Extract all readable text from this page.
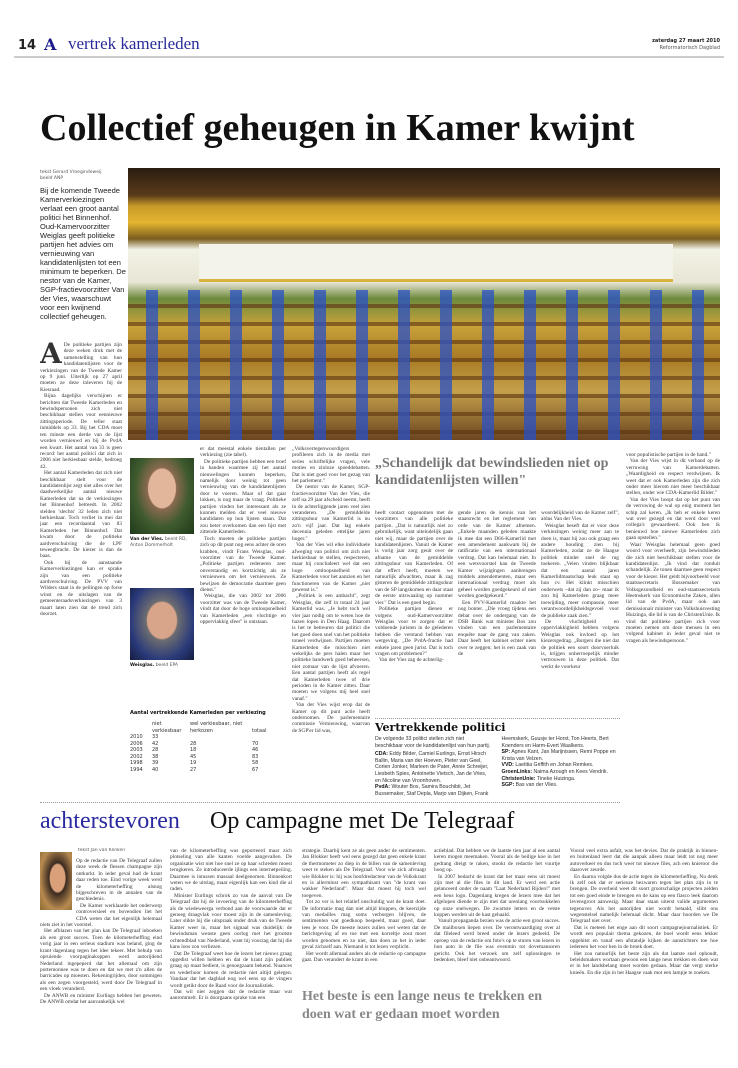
14 A vertrek kamerleden	zaterdag 27 maart 2010
Reformatorisch Dagblad
Collectief geheugen in Kamer kwijnt
tekst Gerard Vroegindeweij
beeld ANP
Bij de komende Tweede Kamerverkiezingen verlaat een groot aantal politici het Binnenhof. Oud-Kamervoorzitter Weiglas geeft politieke partijen het advies om vernieuwing van kandidatenlijsten tot een minimum te beperken. De nestor van de Kamer, SGP-fractievoorzitter Van der Vies, waarschuwt voor een kwijnend collectief geheugen.
A De politieke partijen zijn deze weken druk met de samenstelling van hun kandidatenlijsten voor de verkiezingen van de Tweede Kamer op 9 juni. Uiterlijk op 27 april moeten ze deze inleveren bij de Kiesraad.

Bijna dagelijks verschijnen er berichten dat Tweede Kamerleden en bewindspersonen zich niet beschikbaar stellen voor eennieuwe zittingsperiode. De teller staat inmiddels op 33. Bij het CDA moet ten minste een derde van de lijst worden vernieuwd en bij de PvdA een kwart. Het aantal van 33 is geen record: het aantal politici dat zich in 2006 niet herkiesbaar stelde, bedroeg 42.

Het aantal Kamerleden dat zich niet beschikbaar stelt voor de kandidatenlijst zegt niet alles over het daadwerkelijke aantal nieuwe Kamerleden dat na de verkiezingen het Binnenhof betreedt. In 2002 stelden 'slechts' 32 leden zich niet herkiesbaar. Toch verliet in mei dat jaar een recordaantal van 83 Kamerleden het Binnenhof. Dat kwam door de politieke aardverschuiving die de LPF teweegbracht. De kiezer is dan de baas.

Ook bij de aanstaande Kamerverkiezingen kan er sprake zijn van een politieke aardverschuiving. De PVV van Wilders staat in de peilingen op forse winst en de uitslagen van de gemeenteraadsverkiezingen van 3 maart laten zien dat de trend zich doorzet.

Van der Vies. beeld RD, Anton Dommerholt
Weisglas. beeld EPA

er dat meestal enkele tientallen per verkiezing (zie tabel).

De politieke partijen hebben een troef in handen waarmee zij het aantal nieuwelingen kunnen beperken, namelijk door weinig tot geen vernieuwing van de kandidatenlijsten door te voeren. Maar of dat gaat lukken, is nog maar de vraag. Politieke partijen vinden het interessant als ze kunnen melden dat er veel nieuwe kandidaten op hun lijsten staan. Dat zou beter overkomen dan een lijst met zittende Kamerleden.

Toch moeten de politieke partijen zich op dit punt nog eens achter de oren krabben, vindt Frans Weisglas, oud-voorzitter van de Tweede Kamer. „Politieke partijen redeneren zeer onverstandig en kortzichtig als ze vernieuwen om het vernieuwen. Ze bewijzen de democratie daarmee geen dienst."

Weisglas, die van 2002 tot 2006 voorzitter was van de Tweede Kamer, vindt dat door de hoge omloopsnelheid van Kamerleden „een vluchtige en oppervlakkig sfeer" is ontstaan.

„Volksvertegenwoordigers profileren zich in de media met series schriftelijke vragen, vele moties en zinloze spoeddebatten. Dat is niet goed voor het gezag van het parlement."

De nestor van de Kamer, SGP-fractievoorzitter Van der Vies, die zelf na 29 jaar afscheid neemt, heeft in de achterliggende jaren veel zien veranderen. „De gemiddelde zittingsduur van Kamerlid is nu zo'n vijf jaar. Dat lag enkele decennia geleden ettelijke jaren hoger."

Van der Vies wil elke individuele afweging van politici om zich niet herkiesbaar te stellen, respecteren, maar hij concludeert wel dat een hoge omloopsnelheid van Kamerleden voor het aanzien en het functioneren van de Kamer „niet gewenst is."

„Politiek is een ambacht", zegt Weisglas, die zelf in totaal 24 jaar Kamerlid was. „Je hebt toch wel vier jaar nodig om te weten hoe de hazen lopen in Den Haag. Daarom is het te betreuren dat politici die het goed doen snel van het politieke toneel verdwijnen. Partijen moeten Kamerleden die misschien niet wekelijks de pers halen maar het politieke handwerk goed beheersen, niet zomaar van de lijst afvoeren. Een aantal partijen heeft als regel dat Kamerleden twee of drie perioden in de Kamer zitten. Daar moeten we volgens mij heel snel vanaf."

Van der Vies wijst erop dat de Kamer op dit punt actie heeft ondernomen. De parlementaire commissie Vernieuwing, waarvan de SGP'er lid was,

„Schandelijk dat bewindslieden niet op kandidatenlijsten willen"

heeft contact opgenomen met de voorzitters van alle politieke partijen. „Dat is natuurlijk niet zo gebruikelijk, want uiteindelijk gaan niet wij, maar de partijen over de kandidatenlijsten. Vanuit de Kamer is vorig jaar zorg geuit over de afname van de gemiddelde zittingsduur van Kamerleden. Of dat effect heeft, moeten we natuurlijk afwachten, maar ik zag gisteren de gemiddelde zittingsduur van de SP langskomen en daar staat de eerste uitzwaaiing op nummer vier." Dat is een goed begin.

Politieke partijen dienen er volgens oud-Kamervoorzitter Weisglas voor te zorgen dat er voldoende juristen in de gelederen hebben die verstand hebben van wetgeving. „De PvdA-fractie had enkele jaren geen jurist. Dat is toch vragen om problemen?"

Van der Vies zag de achterlig-

gende jaren de kennis van het staatsrecht en het reglement van orde van de Kamer afnemen. „Enkele maanden geleden maakte ik mee dat een D66-Kamerlid met een amendement aankwam bij de ratificatie van een internationaal verdrag. Dat kan helemaal niet. In een wetsvoorstel kan de Tweede Kamer wijzigingen aanbrengen middels amendementen, maar een internationaal verdrag moet als geheel worden goedgekeurd of niet worden goedgekeurd."

Een PVV-Kamerlid maakte het nog bonter. „Die vroeg tijdens een debat over de ondergang van de DSB Bank wat minister Bos zou vinden van een parlementaire enquête naar de gang van zaken. Daar heeft het kabinet echter niets over te zeggen; het is een zaak van de

woordelijkheid van de Kamer zelf", aldus Van der Vies.

Weisglas beseft dat er voor deze verkiezingen weinig meer aan te doen is, maar hij zou ook graag een andere houding zien bij Kamerleden, zodat ze de Haagse politiek minder snel de rug toekeren. „Velen vinden blijkbaar dat een aantal jaren Kamerlidmaatschap leuk staat op hun cv. Het klinkt misschien ouderwets –dat zij dan zo– maar ik zou bij Kamerleden graag meer toewijding, meer compassie, meer verantwoordelijkheidsgevoel voor de publieke zaak zien."

De vluchtigheid en oppervlakkigheid hebben volgens Weisglas ook invloed op het kiezersgedrag. „Burgers die niet dat de politiek een soort doorvoerluik is, krijgen onherroepelijk minder vertrouwen in deze politiek. Dat werkt de voorkeur

voor populistische partijen in de hand."

Van der Vies wijst in dit verband op de verruwing van Kamerdebatten. „Waardigheid en respect verdwijnen. Ik weet dat er ook Kamerleden zijn die zich onder meer hierom niet meer beschikbaar stellen, onder wie CDA-Kamerlid Bilder."

Van der Vies hoopt dat op het punt van de verruwing de wal op enig moment het schip zal keren. „Ik heb er enkele keren wat over gezegd en dat werd door veel collega's gewaardeerd. Ook ben ik benieuwd hoe nieuwe Kamerleden zich gaan opstellen."

Waar Weisglas helemaal geen goed woord voor overheeft, zijn bewindslieden die zich niet beschikbaar stellen voor de kandidatenlijst. „Ik vind dat ronduit schandelijk. Ze tonen daarmee geen respect voor de kiezer. Het geldt bijvoorbeeld voor staatssecretaris Bussemaker van Volksgezondheid en oud-staatssecretaris Heemskerk van Economische Zaken, allen lid van de PvdA, maar ook aan demissionair minister van Volkshuisvesting Huizinga, die lid is van de ChristenUnie. Ik vind dat politieke partijen zich voor moeten nemen om deze mensen in een volgend kabinet in ieder geval niet te vragen als bewindspersoon."

Aantal vertrekkende Kamerleden per verkiezing
	niet verkiesbaar	wel verkiesbaar, niet herkozen	totaal
2010	33		
2006	42	28	70
2003	28	18	46
2002	38	45	83
1998	39	19	58
1994	40	27	67
Vertrekkende politici
De volgende 33 politici stellen zich niet beschikbaar voor de kandidatenlijst van hun partij.
CDA: Eddy Bilder, Camiel Eurlings, Ernst Hirsch Ballin, Maria van der Hoeven, Pieter van Geel, Corien Jonker, Marleen de Pater, Annie Schreijer, Liesbeth Spies, Antoinette Vietsch, Jan de Vries, en Nicoline van Vroonhoven.
PvdA: Wouter Bos, Samira Bouchibti, Jet Bussemaker, Staf Depla, Marjo van Dijken, Frank Heemskerk, Guusje ter Horst, Ton Heerts, Bert Koenders en Harm-Evert Waalkens.
SP: Agnes Kant, Jan Marijnissen, Remi Poppe en Krista van Velzen.
VVD: Laetitia Griffith en Johan Remkes.
GroenLinks: Naima Azough en Kees Vendrik.
ChristenUnie: Tineke Huizinga.
SGP: Bas van der Vlies.
achterstevoren Op campagne met De Telegraaf
tekst Jan van Klinken

Op de redactie van De Telegraaf zullen deze week de flessen champagne zijn ontkurkt. In ieder geval had de krant daar reden toe. Eind vorige week werd de kilometerheffing alsnog bijgeschreven in de annalen van de geschiedenis.

De Kamer werklaarde het onderwerp controversieel en bovendien liet het CDA weten dat het eigenlijk helemaal niets ziet in het voorstel.

Het afblazen van het plan kan De Telegraaf inboeken als een groot succes. Toen de kilometerheffing eind vorig jaar in een serieus stadium was beland, ging de krant dagenlang tegen het idee tekeer. Met behulp van opruiende voorpaginakoppen werd autorijdend Nederland ingepeperd dat het allemaal om zijn portemonnee was te doen en dat we met z'n allen de barricades op moesten. Rekeningrijden, door sommigen als een zegen voorgesteld, werd door De Telegraaf in een vloek veranderd.

De ANWB en minister Eurlings hebben het geweten. De ANWB omdat het aanvankelijk wel

van de kilometerheffing was geporteerd maar zich plotseling van alle kanten voelde aangevallen. De organisatie wist niet hoe snel ze op haar schreden moest terugkeren. Ze introduceerde ijlings een internetpeiling. Daarmee is intussen massaal deelgenomen. Binnenkort weten we de uitslag, maar eigenlijk kan een kind die al raden.

Minister Eurlings schrok zo van de aanval van De Telegraaf dat hij de invoering van de kilometerheffing als de wiedeweerga verbond aan de voorwaarde dat er genoeg draagvlak voor moest zijn in de samenleving. Later slikte hij die uitspraak onder druk van de Tweede Kamer weer in, maar het signaal was duidelijk: de bewindsman wenste geen oorlog met het grootste ochtendblad van Nederland, want hij voorzag dat hij die kans loos zou verliezen.

Dat De Telegraaf weet hoe de lezers het nieuws graag opgedist willen hebben en dat de krant zijn publiek graag op maat bedient, is genoegzaam bekend. Nuances en wederhoor komen de redactie niet altijd gelegen. Vandaar dat het dagblad nog wel eens op de vingers wordt getikt door de Raad voor de Journalistiek.

Dat wil niet zeggen dat de redactie maar wat aanrommelt. Er is doorgaans sprake van een

strategie. Daarbij kent ze als geen ander de sentimenten. Jan Blokker heeft wel eens gezegd dat geen enkele krant de thermometer zo diep in de billen van de samenleving weet te steken als De Telegraaf. Voor wie zich afvraagt wie Blokker is: hij was hoofdredacteur van de Volkskrant en is allerminst een sympathisant van "de krant van wakker Nederland". Maar dat moest hij toch wel toegeven.

Tot zo ver is het relatief onschuldig wat de krant doet. De informatie mag dan niet altijd kloppen, de keerzijde van medailles mag soms verborgen blijven, de sentimenten wat goedkoop bespeeld, maar goed, daar lees je voor. De meeste lezers zullen wel weten dat de berichtgeving af en toe met een korreltje zout moet worden genomen en zo niet, dan doen ze het in ieder geval zichzelf aan. Niemand is tot lezen verplicht.

Het wordt allemaal anders als de redactie op campagne gaat. Dan verandert de krant in een

actieblad. Dat hebben we de laatste tien jaar al een aantal keren mogen meemaken. Vooral als de heilige koe in het gedrang dreigt te raken, stookt de redactie het vuurtje hoog op.

In 2007 bedacht de krant dat het maar eens uit moest zijn met al die files in dit land. Er werd een actie gelanceerd onder de naam "Laat Nederland Rijden!" met een heus logo. Dagenlang kregen de lezers mee dat het afgelopen diende te zijn met dat urenlang voortsukkelen op onze snelwegen. De zwartste letters en de vetste koppen werden uit de kast gehaald.

Vanuit propaganda bezien was de actie een groot succes. De mailboxen liepen over. De verontwaardiging over al dat fileleed werd breed onder de lezers gedeeld. De oproep van de redactie om foto's op te sturen van lezers in hun auto in de file was evenmin tot dovemansoren gericht. Ook het verzoek om zelf oplossingen te bedenken, bleef niet onbeantwoord.

Het beste is een lange neus te trekken en doen wat er gedaan moet worden

Vooral veel extra asfalt, was het devies. Dat de praktijk in binnen- en buitenland leert dat die aanpak alleen maar leidt tot nog meer autoverkeer en dus toch weer tot nieuwe files, ach een knieroor die daarover zeurde.

En daarna volgde dus de actie tegen de kilometerheffing. Nu denk ik zelf ook dat er serieuze bezwaren tegen het plan zijn in te brengen. De overheid weet dit soort grootschalige projecten zelden tot een goed einde te brengen en de kans op een fiasco leek daarom levensgroot aanwezig. Maar daar staan uiterst valide argumenten tegenover. Als het autorijden niet wordt betaald, slibt ons wegenstelsel namelijk helemaal dicht. Maar daar hoorden we De Telegraaf niet over.

Dat is meteen het enge aan dit soort campagnejournalistiek. Er wordt een populair thema gekozen, de boel wordt eens lekker opgehitst en vanaf een afstandje kijken de aanstichters toe hoe iedereen het voor hen in de broek doet.

Het zou natuurlijk het beste zijn als dat laatste snel ophoudt, beleidsmakers wortaan gewoon een lange neus trekken en doen wat er in het landsbelang moet worden gedaan. Maar dat vergt sterke knieën. En die zijn in het Haagse vaak mot een lampje te zoeken.
